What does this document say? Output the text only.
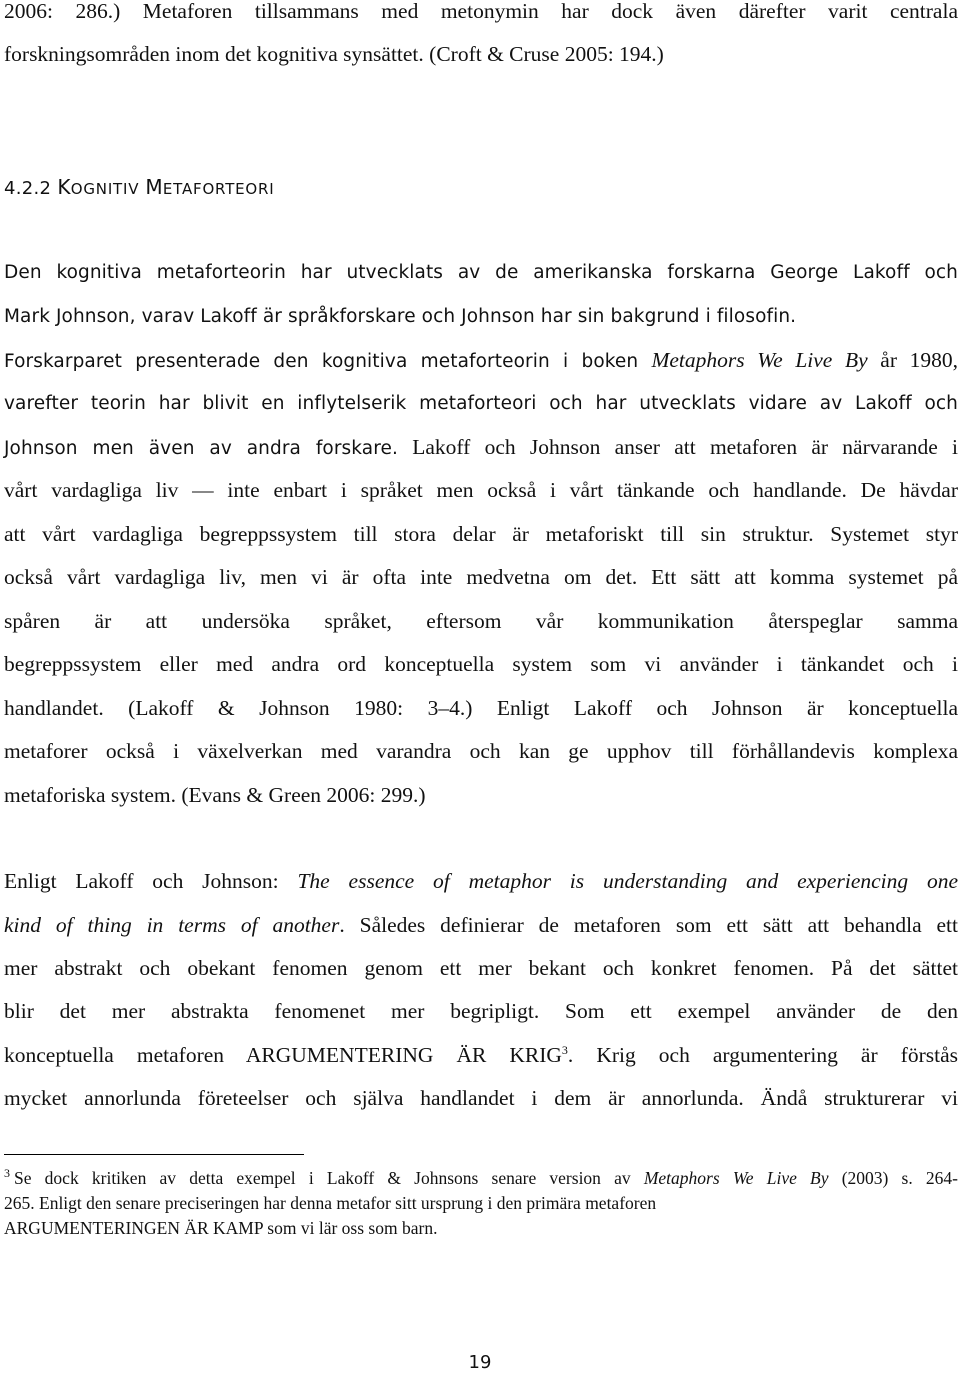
2006: 286.) Metaforen tillsammans med metonymin har dock även därefter varit centrala
forskningsområden inom det kognitiva synsättet. (Croft & Cruse 2005: 194.)
4.2.2 KOGNITIV METAFORTEORI
Den kognitiva metaforteorin har utvecklats av de amerikanska forskarna George Lakoff och
Mark Johnson, varav Lakoff är språkforskare och Johnson har sin bakgrund i filosofin.
Forskarparet presenterade den kognitiva metaforteorin i boken Metaphors We Live By år 1980,
varefter teorin har blivit en inflytelserik metaforteori och har utvecklats vidare av Lakoff och
Johnson men även av andra forskare. Lakoff och Johnson anser att metaforen är närvarande i
vårt vardagliga liv — inte enbart i språket men också i vårt tänkande och handlande. De hävdar
att vårt vardagliga begreppssystem till stora delar är metaforiskt till sin struktur. Systemet styr
också vårt vardagliga liv, men vi är ofta inte medvetna om det. Ett sätt att komma systemet på
spåren är att undersöka språket, eftersom vår kommunikation återspeglar samma
begreppssystem eller med andra ord konceptuella system som vi använder i tänkandet och i
handlandet. (Lakoff & Johnson 1980: 3–4.) Enligt Lakoff och Johnson är konceptuella
metaforer också i växelverkan med varandra och kan ge upphov till förhållandevis komplexa
metaforiska system. (Evans & Green 2006: 299.)
Enligt Lakoff och Johnson: The essence of metaphor is understanding and experiencing one
kind of thing in terms of another. Således definierar de metaforen som ett sätt att behandla ett
mer abstrakt och obekant fenomen genom ett mer bekant och konkret fenomen. På det sättet
blir det mer abstrakta fenomenet mer begripligt. Som ett exempel använder de den
konceptuella metaforen ARGUMENTERING ÄR KRIG$^3$. Krig och argumentering är förstås
mycket annorlunda företeelser och själva handlandet i dem är annorlunda. Ändå strukturerar vi
$^3$ Se dock kritiken av detta exempel i Lakoff & Johnsons senare version av Metaphors We Live By (2003) s. 264-
265. Enligt den senare preciseringen har denna metafor sitt ursprung i den primära metaforen
ARGUMENTERINGEN ÄR KAMP som vi lär oss som barn.
19
